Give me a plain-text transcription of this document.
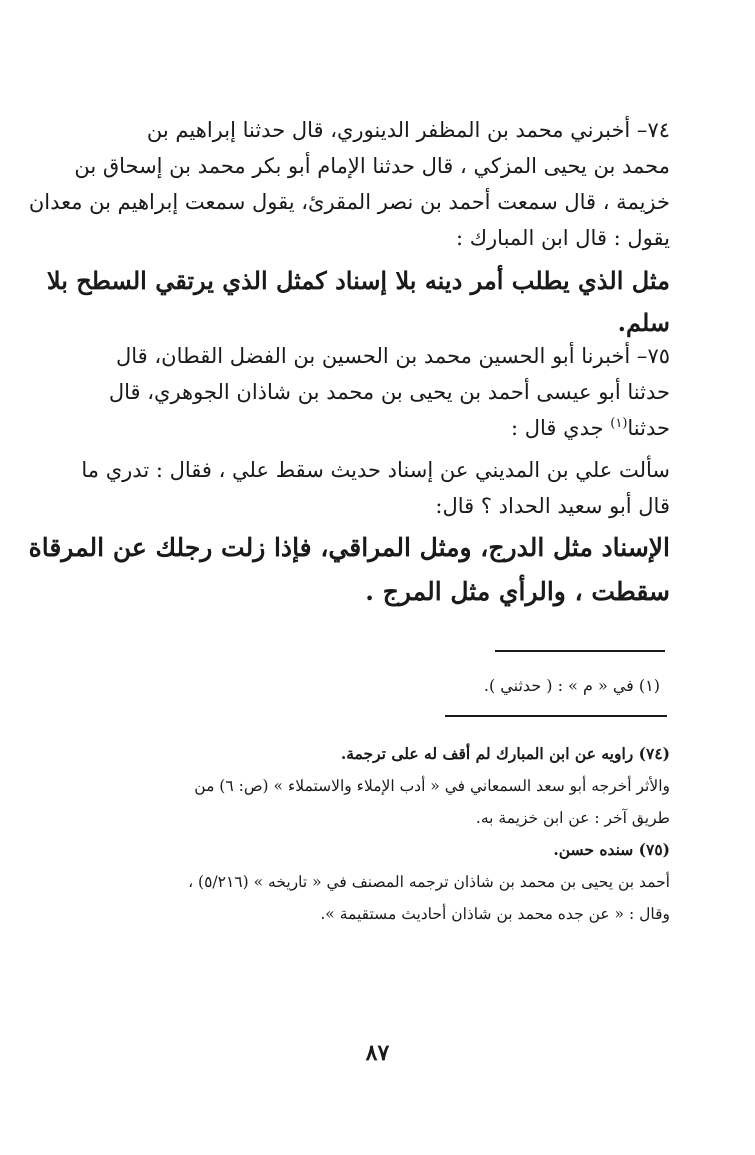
٧٤– أخبرني محمد بن المظفر الدينوري، قال حدثنا إبراهيم بن
محمد بن يحيى المزكي ، قال حدثنا الإمام أبو بكر محمد بن إسحاق بن
خزيمة ، قال سمعت أحمد بن نصر المقرئ، يقول سمعت إبراهيم بن معدان
يقول : قال ابن المبارك :

مثل الذي يطلب أمر دينه بلا إسناد كمثل الذي يرتقي السطح بلا
سلم.

٧٥– أخبرنا أبو الحسين محمد بن الحسين بن الفضل القطان، قال
حدثنا أبو عيسى أحمد بن يحيى بن محمد بن شاذان الجوهري، قال
حدثنا$^{(١)}$ جدي قال :

سألت علي بن المديني عن إسناد حديث سقط علي ، فقال : تدري ما
قال أبو سعيد الحداد ؟ قال:

الإسناد مثل الدرج، ومثل المراقي، فإذا زلت رجلك عن المرقاة
سقطت ، والرأي مثل المرج .

(١) في « م » : ( حدثني ).

(٧٤) راويه عن ابن المبارك لم أقف له على ترجمة.

والأثر أخرجه أبو سعد السمعاني في « أدب الإملاء والاستملاء » (ص: ٦) من

طريق آخر : عن ابن خزيمة به.

(٧٥) سنده حسن.

أحمد بن يحيى بن محمد بن شاذان ترجمه المصنف في « تاريخه » (٥/٢١٦) ،

وقال : « عن جده محمد بن شاذان أحاديث مستقيمة ».

٨٧
